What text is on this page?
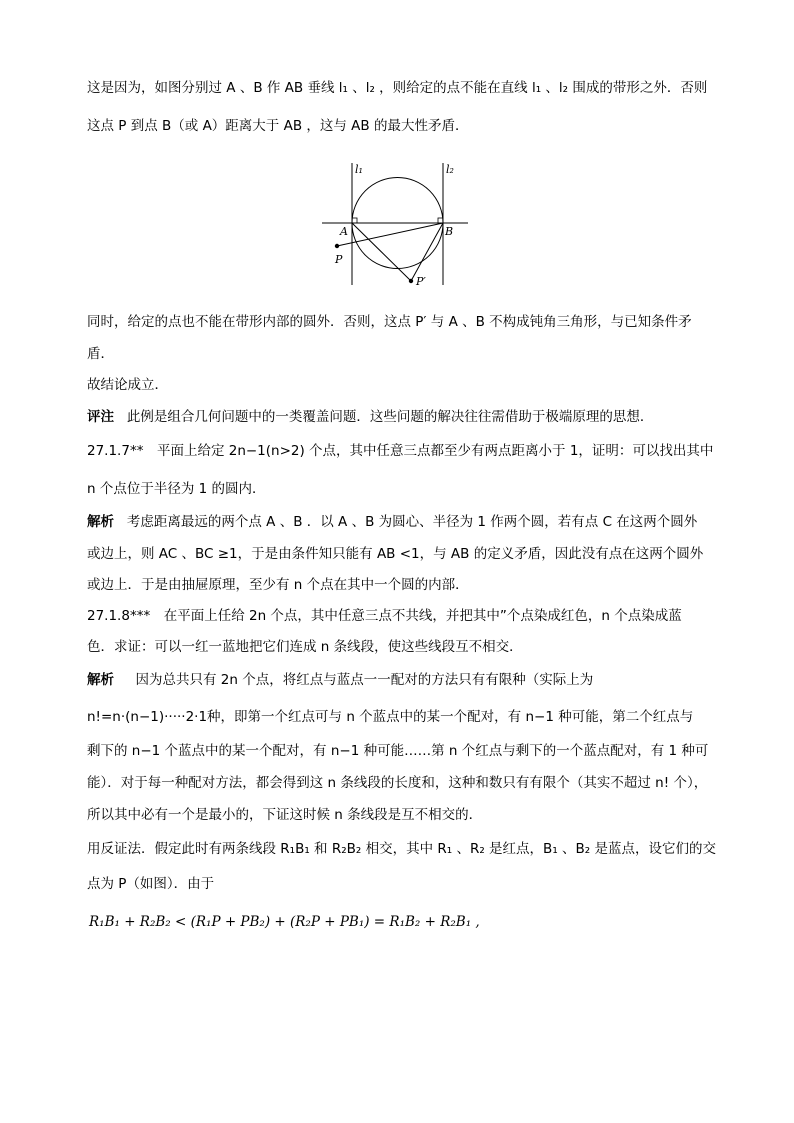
这是因为，如图分别过 A 、B 作 AB 垂线 l₁ 、l₂ ，则给定的点不能在直线 l₁ 、l₂ 围成的带形之外．否则
这点 P 到点 B（或 A）距离大于 AB ，这与 AB 的最大性矛盾．
l₁	l₂
A	B
P
P′
同时，给定的点也不能在带形内部的圆外．否则，这点 P′ 与 A 、B 不构成钝角三角形，与已知条件矛
盾．
故结论成立．
评注 此例是组合几何问题中的一类覆盖问题．这些问题的解决往往需借助于极端原理的思想．
27.1.7**　平面上给定 2n−1(n>2) 个点，其中任意三点都至少有两点距离小于 1，证明：可以找出其中
n 个点位于半径为 1 的圆内．
解析 考虑距离最远的两个点 A 、B ．以 A 、B 为圆心、半径为 1 作两个圆，若有点 C 在这两个圆外
或边上，则 AC 、BC ≥1，于是由条件知只能有 AB <1，与 AB 的定义矛盾，因此没有点在这两个圆外
或边上．于是由抽屉原理，至少有 n 个点在其中一个圆的内部．
27.1.8***　在平面上任给 2n 个点，其中任意三点不共线，并把其中”个点染成红色，n 个点染成蓝
色．求证：可以一红一蓝地把它们连成 n 条线段，使这些线段互不相交．
解析 因为总共只有 2n 个点，将红点与蓝点一一配对的方法只有有限种（实际上为
n!=n·(n−1)·····2·1种，即第一个红点可与 n 个蓝点中的某一个配对，有 n−1 种可能，第二个红点与
剩下的 n−1 个蓝点中的某一个配对，有 n−1 种可能……第 n 个红点与剩下的一个蓝点配对，有 1 种可
能）．对于每一种配对方法，都会得到这 n 条线段的长度和，这种和数只有有限个（其实不超过 n! 个），
所以其中必有一个是最小的，下证这时候 n 条线段是互不相交的．
用反证法．假定此时有两条线段 R₁B₁ 和 R₂B₂ 相交，其中 R₁ 、R₂ 是红点，B₁ 、B₂ 是蓝点，设它们的交
点为 P（如图）．由于
R₁B₁ + R₂B₂ < (R₁P + PB₂) + (R₂P + PB₁) = R₁B₂ + R₂B₁ ,
